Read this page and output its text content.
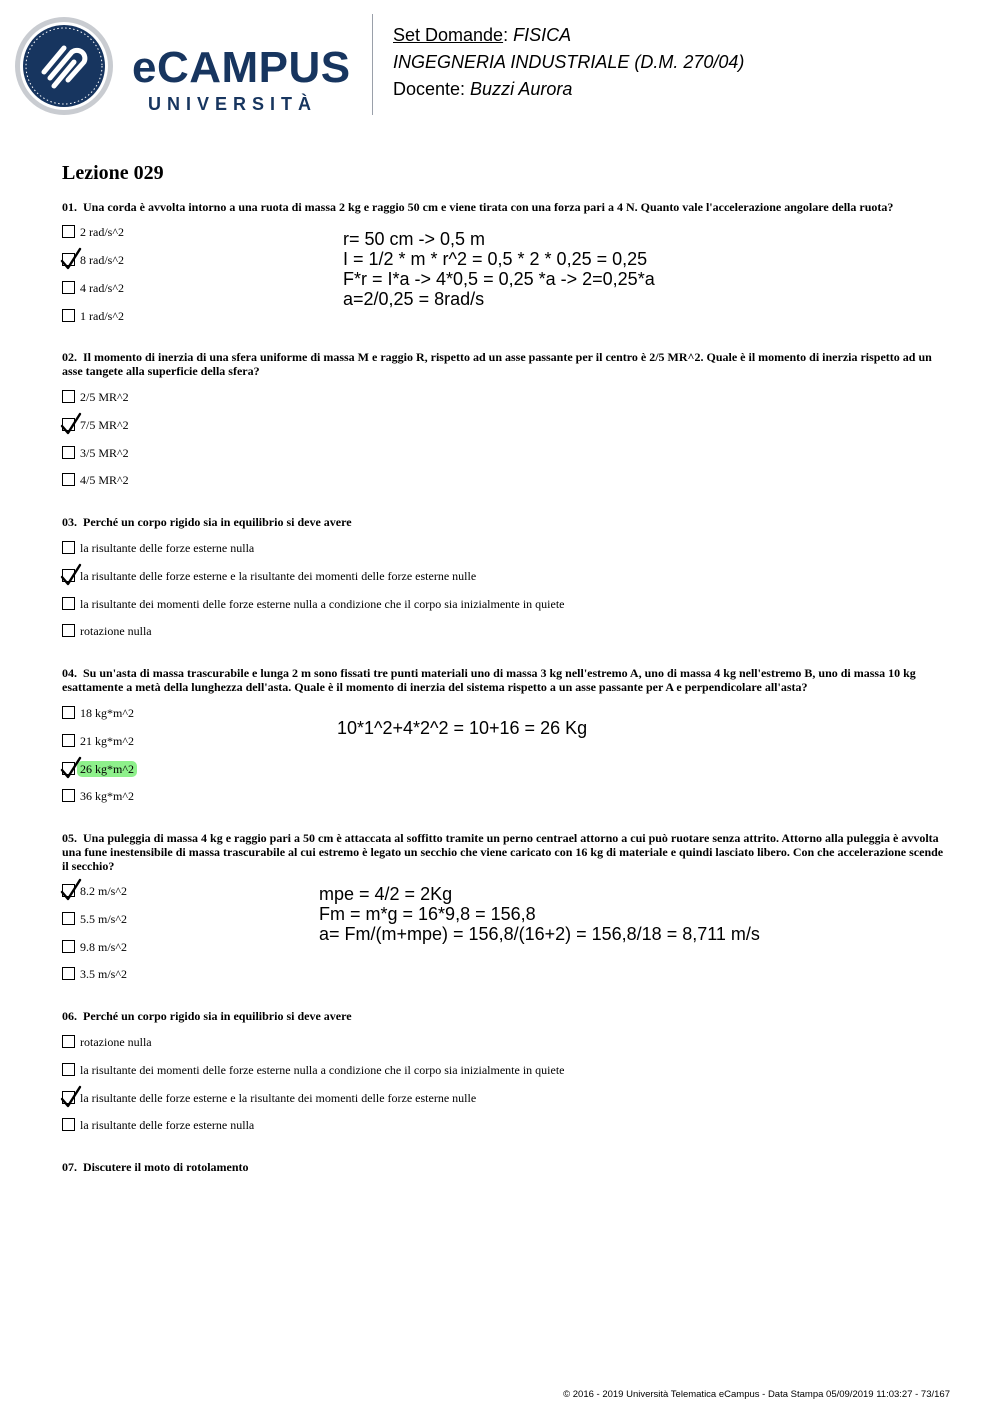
eCAMPUS
UNIVERSITÀ
Set Domande: FISICA
INGEGNERIA INDUSTRIALE (D.M. 270/04)
Docente: Buzzi Aurora
Lezione 029
01. Una corda è avvolta intorno a una ruota di massa 2 kg e raggio 50 cm e viene tirata con una forza pari a 4 N. Quanto vale l'accelerazione angolare della ruota?
2 rad/s^2
8 rad/s^2
4 rad/s^2
1 rad/s^2
r= 50 cm -> 0,5 m
I = 1/2 * m * r^2 = 0,5 * 2 * 0,25 = 0,25
F*r = I*a -> 4*0,5 = 0,25 *a -> 2=0,25*a
a=2/0,25 = 8rad/s
02. Il momento di inerzia di una sfera uniforme di massa M e raggio R, rispetto ad un asse passante per il centro è 2/5 MR^2. Quale è il momento di inerzia rispetto ad un asse tangete alla superficie della sfera?
2/5 MR^2
7/5 MR^2
3/5 MR^2
4/5 MR^2
03. Perché un corpo rigido sia in equilibrio si deve avere
la risultante delle forze esterne nulla
la risultante delle forze esterne e la risultante dei momenti delle forze esterne nulle
la risultante dei momenti delle forze esterne nulla a condizione che il corpo sia inizialmente in quiete
rotazione nulla
04. Su un'asta di massa trascurabile e lunga 2 m sono fissati tre punti materiali uno di massa 3 kg nell'estremo A, uno di massa 4 kg nell'estremo B, uno di massa 10 kg esattamente a metà della lunghezza dell'asta. Quale è il momento di inerzia del sistema rispetto a un asse passante per A e perpendicolare all'asta?
18 kg*m^2
21 kg*m^2
26 kg*m^2
36 kg*m^2
10*1^2+4*2^2 = 10+16 = 26 Kg
05. Una puleggia di massa 4 kg e raggio pari a 50 cm è attaccata al soffitto tramite un perno centrael attorno a cui può ruotare senza attrito. Attorno alla puleggia è avvolta una fune inestensibile di massa trascurabile al cui estremo è legato un secchio che viene caricato con 16 kg di materiale e quindi lasciato libero. Con che accelerazione scende il secchio?
8.2 m/s^2
5.5 m/s^2
9.8 m/s^2
3.5 m/s^2
mpe = 4/2 = 2Kg
Fm = m*g = 16*9,8 = 156,8
a= Fm/(m+mpe) = 156,8/(16+2) = 156,8/18 = 8,711 m/s
06. Perché un corpo rigido sia in equilibrio si deve avere
rotazione nulla
la risultante dei momenti delle forze esterne nulla a condizione che il corpo sia inizialmente in quiete
la risultante delle forze esterne e la risultante dei momenti delle forze esterne nulle
la risultante delle forze esterne nulla
07. Discutere il moto di rotolamento
© 2016 - 2019 Università Telematica eCampus - Data Stampa 05/09/2019 11:03:27 - 73/167
